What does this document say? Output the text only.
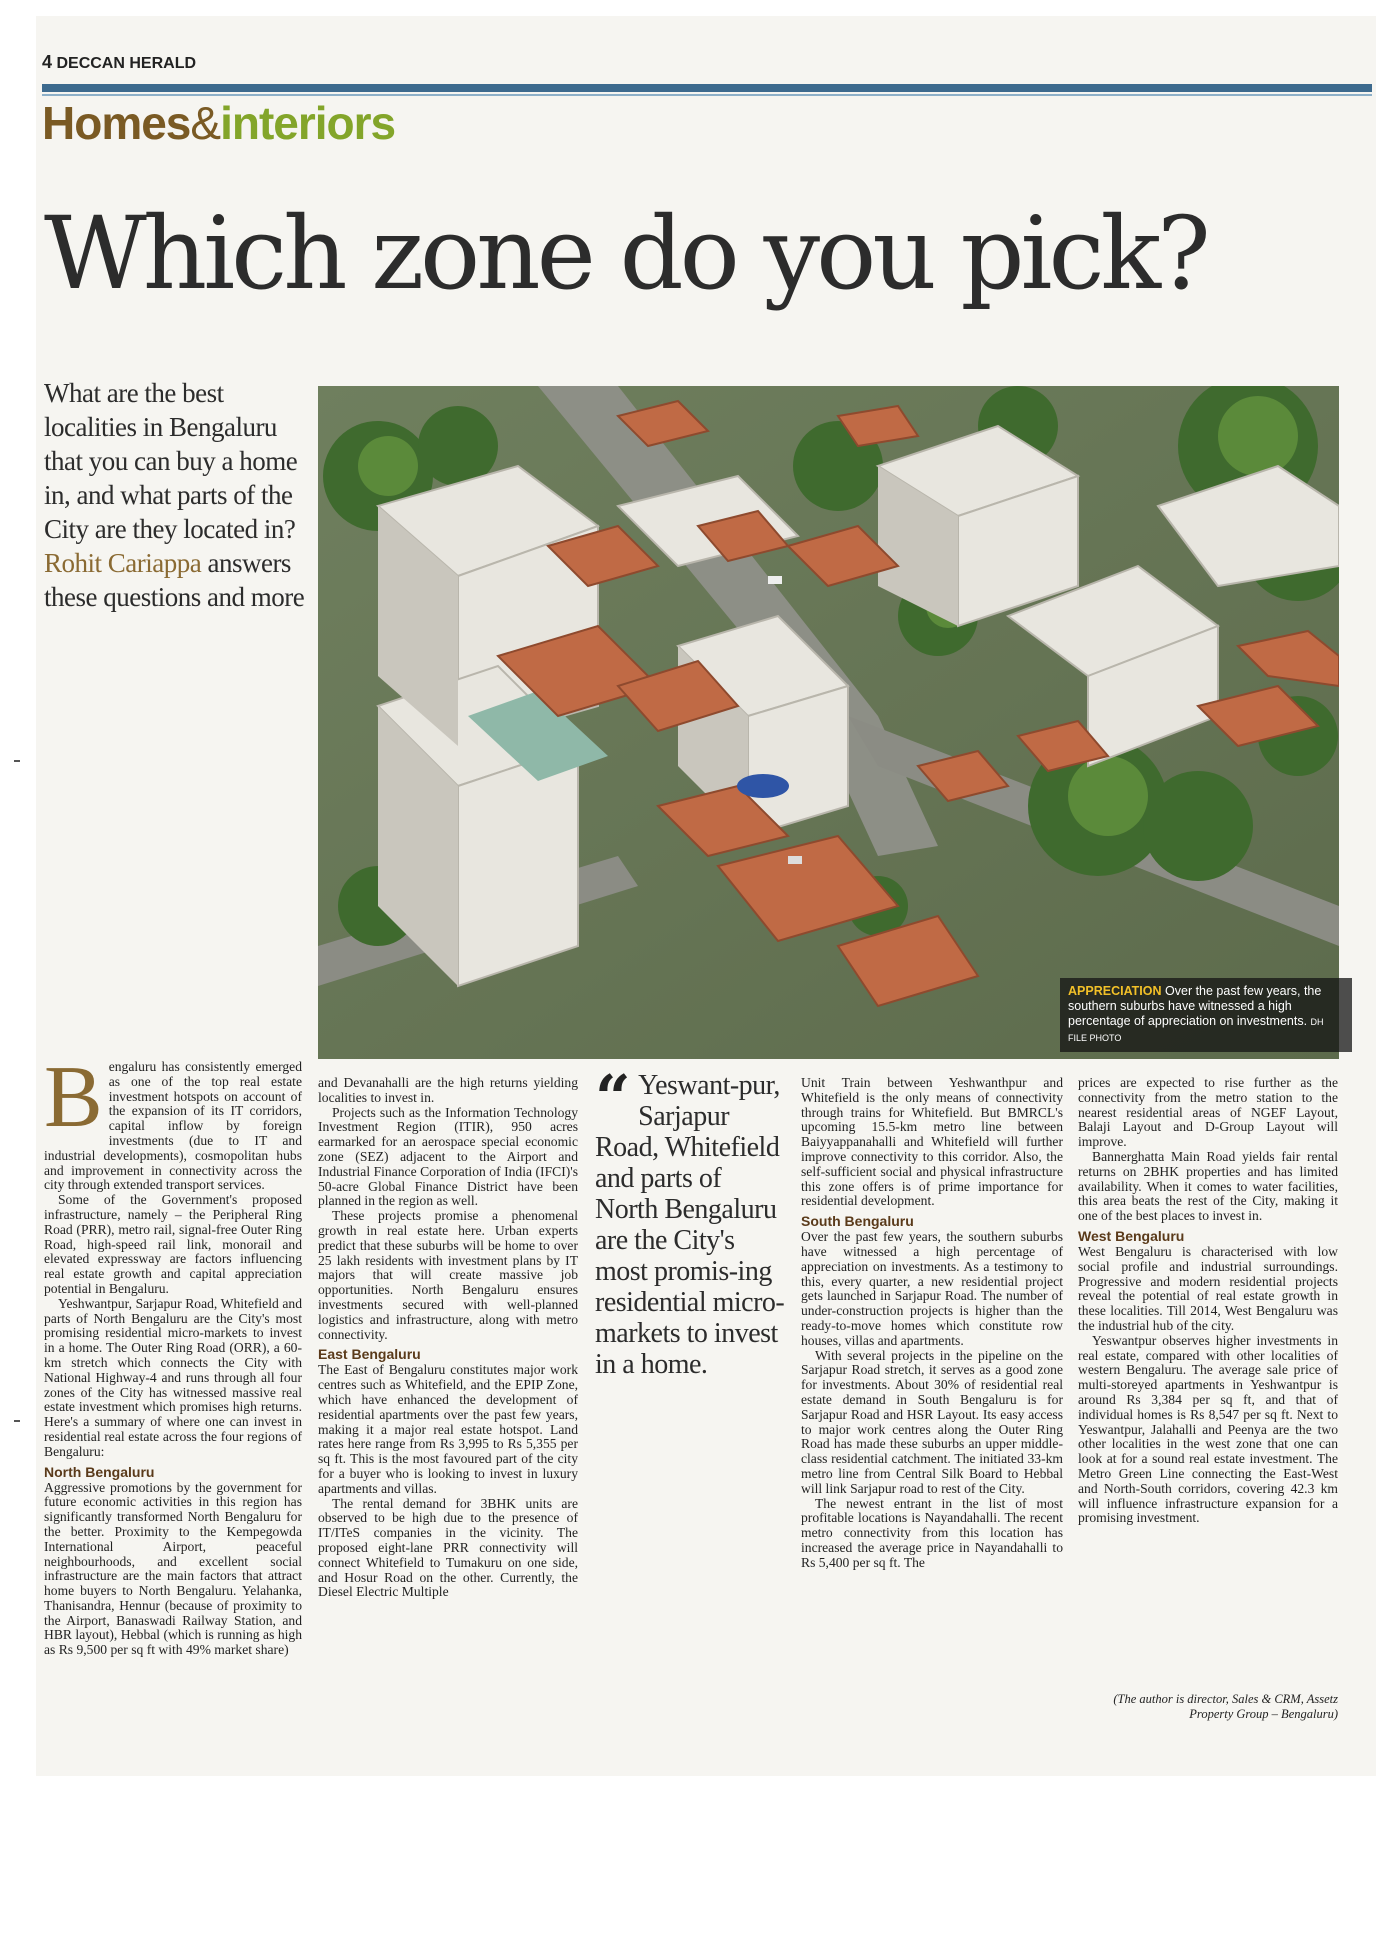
4 DECCAN HERALD
Homes&interiors
Which zone do you pick?
What are the best localities in Bengaluru that you can buy a home in, and what parts of the City are they located in? Rohit Cariappa answers these questions and more
APPRECIATION Over the past few years, the southern suburbs have witnessed a high percentage of appreciation on investments. DH FILE PHOTO
B engaluru has consistently emerged as one of the top real estate investment hotspots on account of the expansion of its IT corridors, capital inflow by foreign investments (due to IT and industrial developments), cosmopolitan hubs and improvement in connectivity across the city through extended transport services.

Some of the Government's proposed infrastructure, namely – the Peripheral Ring Road (PRR), metro rail, signal-free Outer Ring Road, high-speed rail link, monorail and elevated expressway are factors influencing real estate growth and capital appreciation potential in Bengaluru.

Yeshwantpur, Sarjapur Road, Whitefield and parts of North Bengaluru are the City's most promising residential micro-markets to invest in a home. The Outer Ring Road (ORR), a 60-km stretch which connects the City with National Highway-4 and runs through all four zones of the City has witnessed massive real estate investment which promises high returns. Here's a summary of where one can invest in residential real estate across the four regions of Bengaluru:

North Bengaluru

Aggressive promotions by the government for future economic activities in this region has significantly transformed North Bengaluru for the better. Proximity to the Kempegowda International Airport, peaceful neighbourhoods, and excellent social infrastructure are the main factors that attract home buyers to North Bengaluru. Yelahanka, Thanisandra, Hennur (because of proximity to the Airport, Banaswadi Railway Station, and HBR layout), Hebbal (which is running as high as Rs 9,500 per sq ft with 49% market share)

and Devanahalli are the high returns yielding localities to invest in.

Projects such as the Information Technology Investment Region (ITIR), 950 acres earmarked for an aerospace special economic zone (SEZ) adjacent to the Airport and Industrial Finance Corporation of India (IFCI)'s 50-acre Global Finance District have been planned in the region as well.

These projects promise a phenomenal growth in real estate here. Urban experts predict that these suburbs will be home to over 25 lakh residents with investment plans by IT majors that will create massive job opportunities. North Bengaluru ensures investments secured with well-planned logistics and infrastructure, along with metro connectivity.

East Bengaluru

The East of Bengaluru constitutes major work centres such as Whitefield, and the EPIP Zone, which have enhanced the development of residential apartments over the past few years, making it a major real estate hotspot. Land rates here range from Rs 3,995 to Rs 5,355 per sq ft. This is the most favoured part of the city for a buyer who is looking to invest in luxury apartments and villas.

The rental demand for 3BHK units are observed to be high due to the presence of IT/ITeS companies in the vicinity. The proposed eight-lane PRR connectivity will connect Whitefield to Tumakuru on one side, and Hosur Road on the other. Currently, the Diesel Electric Multiple

“ Yeswant-pur, Sarjapur Road, Whitefield and parts of North Bengaluru are the City's most promis-ing residential micro-markets to invest in a home.

Unit Train between Yeshwanthpur and Whitefield is the only means of connectivity through trains for Whitefield. But BMRCL's upcoming 15.5-km metro line between Baiyyappanahalli and Whitefield will further improve connectivity to this corridor. Also, the self-sufficient social and physical infrastructure this zone offers is of prime importance for residential development.

South Bengaluru

Over the past few years, the southern suburbs have witnessed a high percentage of appreciation on investments. As a testimony to this, every quarter, a new residential project gets launched in Sarjapur Road. The number of under-construction projects is higher than the ready-to-move homes which constitute row houses, villas and apartments.

With several projects in the pipeline on the Sarjapur Road stretch, it serves as a good zone for investments. About 30% of residential real estate demand in South Bengaluru is for Sarjapur Road and HSR Layout. Its easy access to major work centres along the Outer Ring Road has made these suburbs an upper middle-class residential catchment. The initiated 33-km metro line from Central Silk Board to Hebbal will link Sarjapur road to rest of the City.

The newest entrant in the list of most profitable locations is Nayandahalli. The recent metro connectivity from this location has increased the average price in Nayandahalli to Rs 5,400 per sq ft. The

prices are expected to rise further as the connectivity from the metro station to the nearest residential areas of NGEF Layout, Balaji Layout and D-Group Layout will improve.

Bannerghatta Main Road yields fair rental returns on 2BHK properties and has limited availability. When it comes to water facilities, this area beats the rest of the City, making it one of the best places to invest in.

West Bengaluru

West Bengaluru is characterised with low social profile and industrial surroundings. Progressive and modern residential projects reveal the potential of real estate growth in these localities. Till 2014, West Bengaluru was the industrial hub of the city.

Yeswantpur observes higher investments in real estate, compared with other localities of western Bengaluru. The average sale price of multi-storeyed apartments in Yeshwantpur is around Rs 3,384 per sq ft, and that of individual homes is Rs 8,547 per sq ft. Next to Yeswantpur, Jalahalli and Peenya are the two other localities in the west zone that one can look at for a sound real estate investment. The Metro Green Line connecting the East-West and North-South corridors, covering 42.3 km will influence infrastructure expansion for a promising investment.

(The author is director, Sales & CRM, Assetz Property Group – Bengaluru)
